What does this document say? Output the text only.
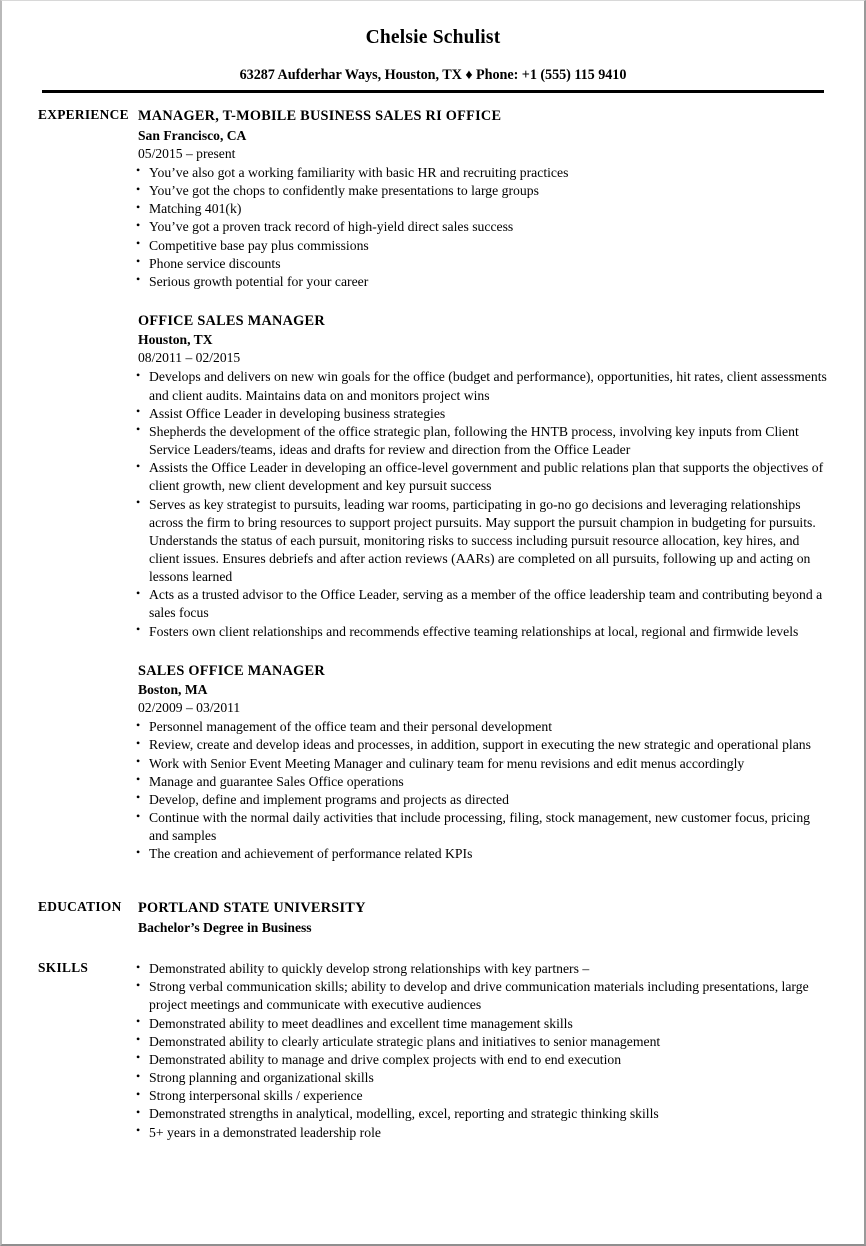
Chelsie Schulist
63287 Aufderhar Ways, Houston, TX ♦ Phone: +1 (555) 115 9410
EXPERIENCE MANAGER, T-MOBILE BUSINESS SALES RI OFFICE
San Francisco, CA
05/2015 – present
• You’ve also got a working familiarity with basic HR and recruiting practices
• You’ve got the chops to confidently make presentations to large groups
• Matching 401(k)
• You’ve got a proven track record of high-yield direct sales success
• Competitive base pay plus commissions
• Phone service discounts
• Serious growth potential for your career
OFFICE SALES MANAGER
Houston, TX
08/2011 – 02/2015
• Develops and delivers on new win goals for the office (budget and performance), opportunities, hit rates, client assessments and client audits. Maintains data on and monitors project wins
• Assist Office Leader in developing business strategies
• Shepherds the development of the office strategic plan, following the HNTB process, involving key inputs from Client Service Leaders/teams, ideas and drafts for review and direction from the Office Leader
• Assists the Office Leader in developing an office-level government and public relations plan that supports the objectives of client growth, new client development and key pursuit success
• Serves as key strategist to pursuits, leading war rooms, participating in go-no go decisions and leveraging relationships across the firm to bring resources to support project pursuits. May support the pursuit champion in budgeting for pursuits. Understands the status of each pursuit, monitoring risks to success including pursuit resource allocation, key hires, and client issues. Ensures debriefs and after action reviews (AARs) are completed on all pursuits, following up and acting on lessons learned
• Acts as a trusted advisor to the Office Leader, serving as a member of the office leadership team and contributing beyond a sales focus
• Fosters own client relationships and recommends effective teaming relationships at local, regional and firmwide levels
SALES OFFICE MANAGER
Boston, MA
02/2009 – 03/2011
• Personnel management of the office team and their personal development
• Review, create and develop ideas and processes, in addition, support in executing the new strategic and operational plans
• Work with Senior Event Meeting Manager and culinary team for menu revisions and edit menus accordingly
• Manage and guarantee Sales Office operations
• Develop, define and implement programs and projects as directed
• Continue with the normal daily activities that include processing, filing, stock management, new customer focus, pricing and samples
• The creation and achievement of performance related KPIs
EDUCATION	PORTLAND STATE UNIVERSITY
Bachelor’s Degree in Business
SKILLS	• Demonstrated ability to quickly develop strong relationships with key partners –
• Strong verbal communication skills; ability to develop and drive communication materials including presentations, large project meetings and communicate with executive audiences
• Demonstrated ability to meet deadlines and excellent time management skills
• Demonstrated ability to clearly articulate strategic plans and initiatives to senior management
• Demonstrated ability to manage and drive complex projects with end to end execution
• Strong planning and organizational skills
• Strong interpersonal skills / experience
• Demonstrated strengths in analytical, modelling, excel, reporting and strategic thinking skills
• 5+ years in a demonstrated leadership role
